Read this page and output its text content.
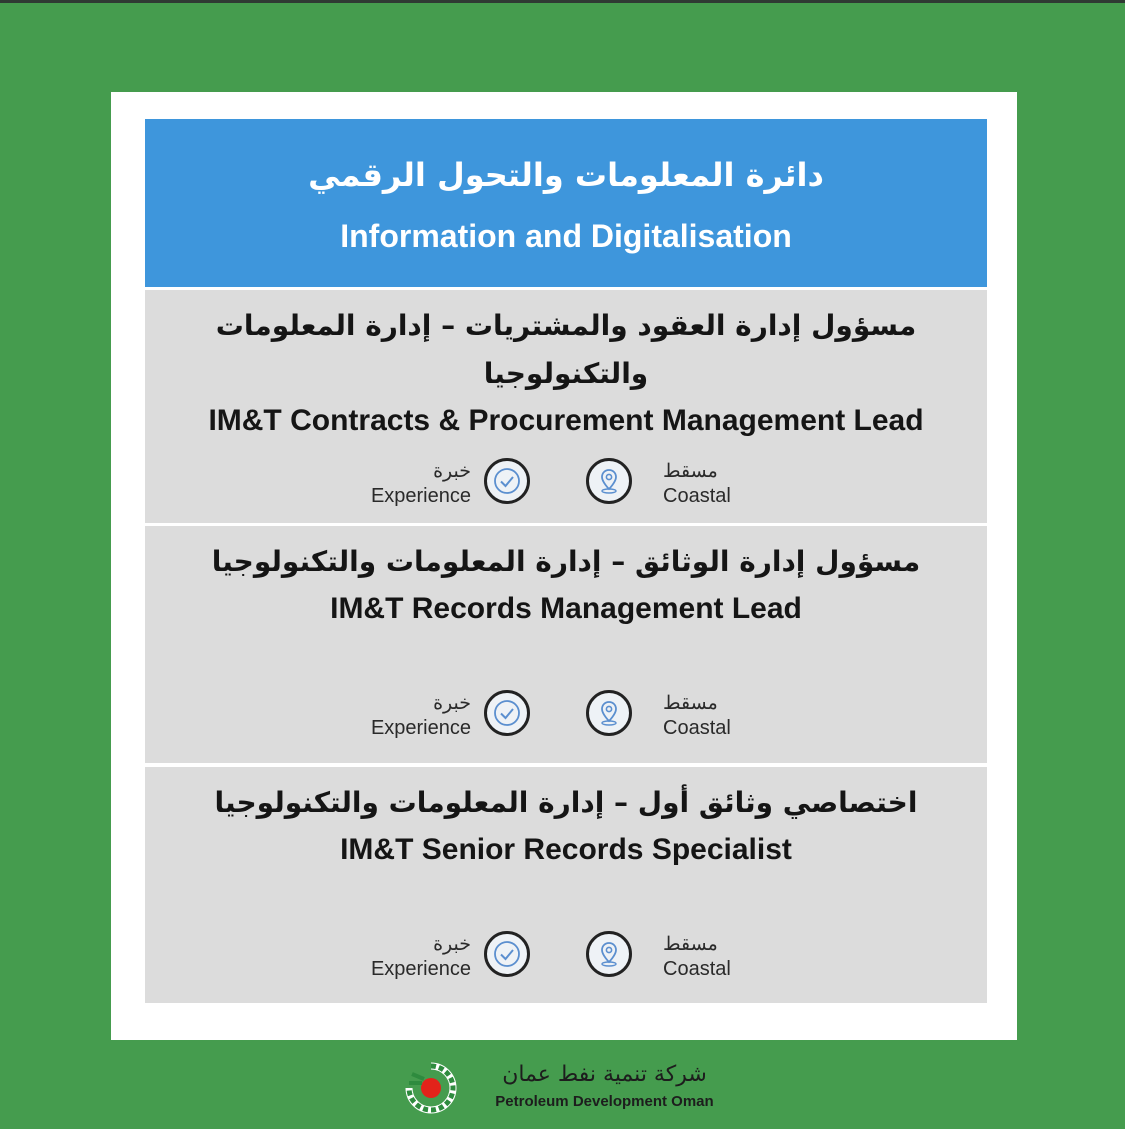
دائرة المعلومات والتحول الرقمي
Information and Digitalisation
مسؤول إدارة العقود والمشتريات – إدارة المعلومات والتكنولوجيا
IM&T Contracts & Procurement Management Lead
خبرة
Experience
مسقط
Coastal
مسؤول إدارة الوثائق – إدارة المعلومات والتكنولوجيا
IM&T Records Management Lead
خبرة
Experience
مسقط
Coastal
اختصاصي وثائق أول – إدارة المعلومات والتكنولوجيا
IM&T Senior Records Specialist
خبرة
Experience
مسقط
Coastal
شركة تنمية نفط عمان
Petroleum Development Oman
